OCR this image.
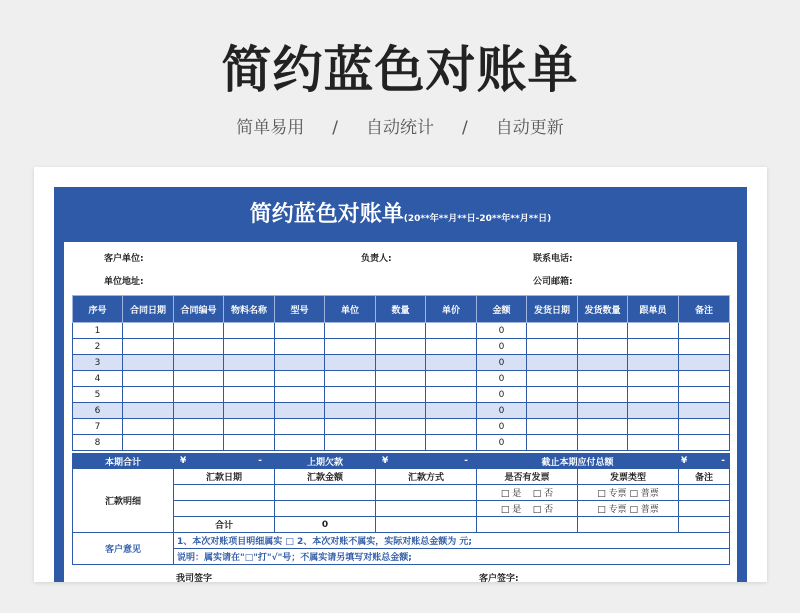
简约蓝色对账单
简单易用 / 自动统计 / 自动更新
简约蓝色对账单(20**年**月**日-20**年**月**日)
客户单位:	负责人:	联系电话:
单位地址:	公司邮箱:
序号	合同日期	合同编号	物料名称	型号	单位	数量	单价	金额	发货日期	发货数量	跟单员	备注
1								0				
2								0				
3								0				
4								0				
5								0				
6								0				
7								0				
8								0				
本期合计	¥ -	上期欠款	¥ -	截止本期应付总额		¥ -

汇款明细	汇款日期	汇款金额	汇款方式	是否有发票	发票类型	备注
				□ 是 □ 否	□ 专票 □ 普票	
				□ 是 □ 否	□ 专票 □ 普票	
	合计	0				
客户意见	1、本次对账项目明细属实 □ 2、本次对账不属实，实际对账总金额为 元;					
	说明：属实请在"□"打"√"号；不属实请另填写对账总金额;					
我司签字	客户签字:
